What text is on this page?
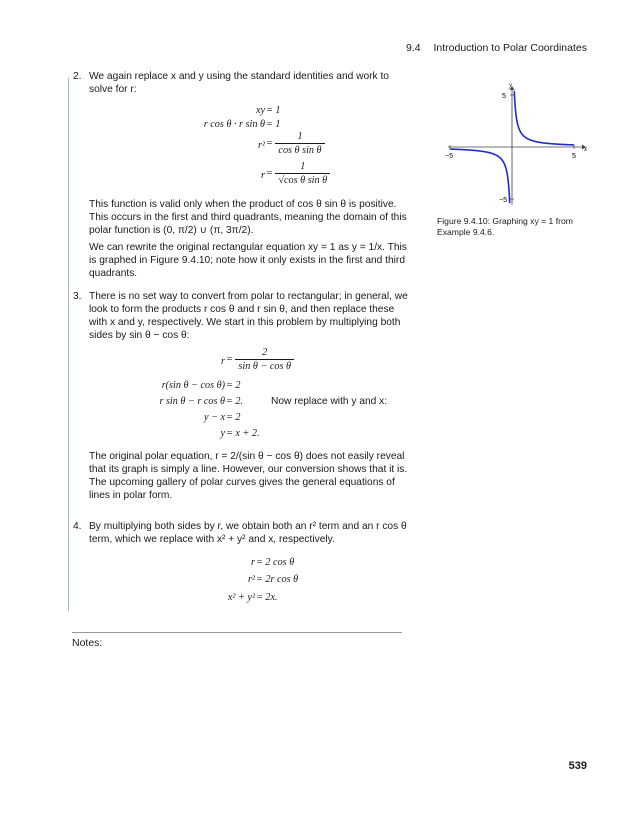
9.4 Introduction to Polar Coordinates
2. We again replace x and y using the standard identities and work to solve for r:

xy = 1
r cos θ · r sin θ = 1
$r^2 = \frac{1}{\text{cos θ sin θ}}$
$r = \frac{1}{\text{√cos θ sin θ}}$

This function is valid only when the product of cos θ sin θ is positive. This occurs in the first and third quadrants, meaning the domain of this polar function is (0, π/2) ∪ (π, 3π/2).

We can rewrite the original rectangular equation xy = 1 as y = 1/x. This is graphed in Figure 9.4.10; note how it only exists in the first and third quadrants.

3. There is no set way to convert from polar to rectangular; in general, we look to form the products r cos θ and r sin θ, and then replace these with x and y, respectively. We start in this problem by multiplying both sides by sin θ − cos θ:

$r = \frac{2}{\text{sin θ − cos θ}}$
r(sin θ − cos θ) = 2
r sin θ − r cos θ = 2.	Now replace with y and x:
y − x = 2
y = x + 2.

The original polar equation, r = 2/(sin θ − cos θ) does not easily reveal that its graph is simply a line. However, our conversion shows that it is. The upcoming gallery of polar curves gives the general equations of lines in polar form.

4. By multiplying both sides by r, we obtain both an r² term and an r cos θ term, which we replace with x² + y² and x, respectively.

r = 2 cos θ
r² = 2r cos θ
x² + y² = 2x.
x
y
−5	5
5
−5
Figure 9.4.10: Graphing xy = 1 from Example 9.4.6.
Notes:
539
